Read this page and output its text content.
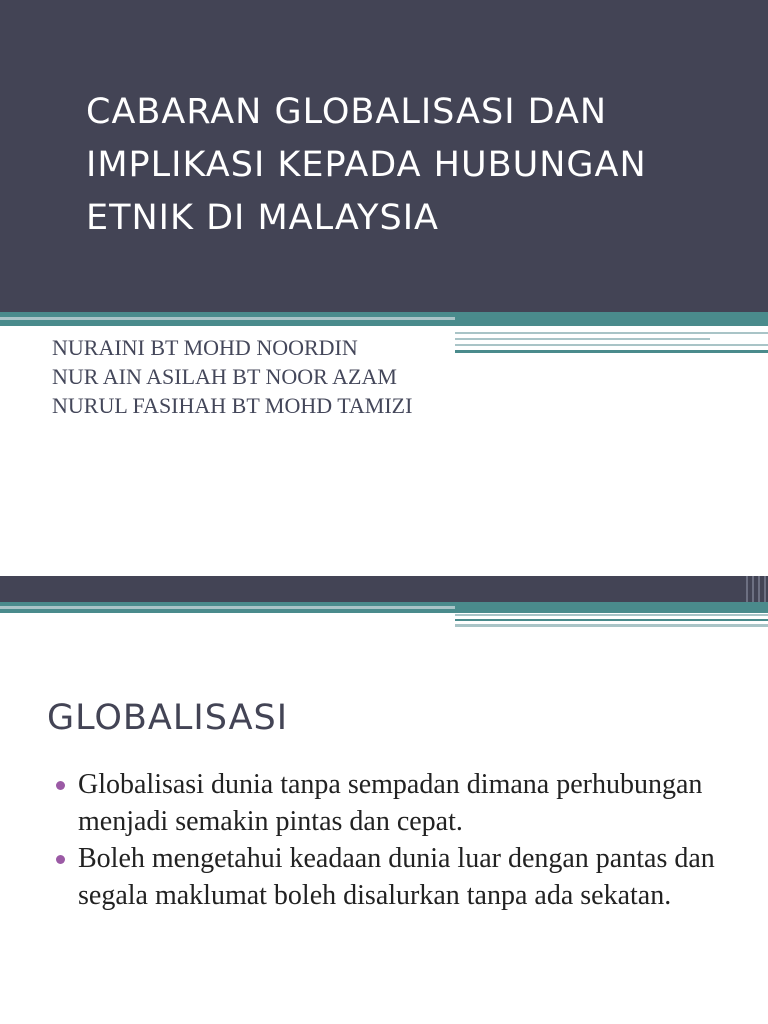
CABARAN GLOBALISASI DAN
IMPLIKASI KEPADA HUBUNGAN
ETNIK DI MALAYSIA
NURAINI BT MOHD NOORDIN
NUR AIN ASILAH BT NOOR AZAM
NURUL FASIHAH BT MOHD TAMIZI
GLOBALISASI
Globalisasi dunia tanpa sempadan dimana perhubungan menjadi semakin pintas dan cepat.
Boleh mengetahui keadaan dunia luar dengan pantas dan segala maklumat boleh disalurkan tanpa ada sekatan.
